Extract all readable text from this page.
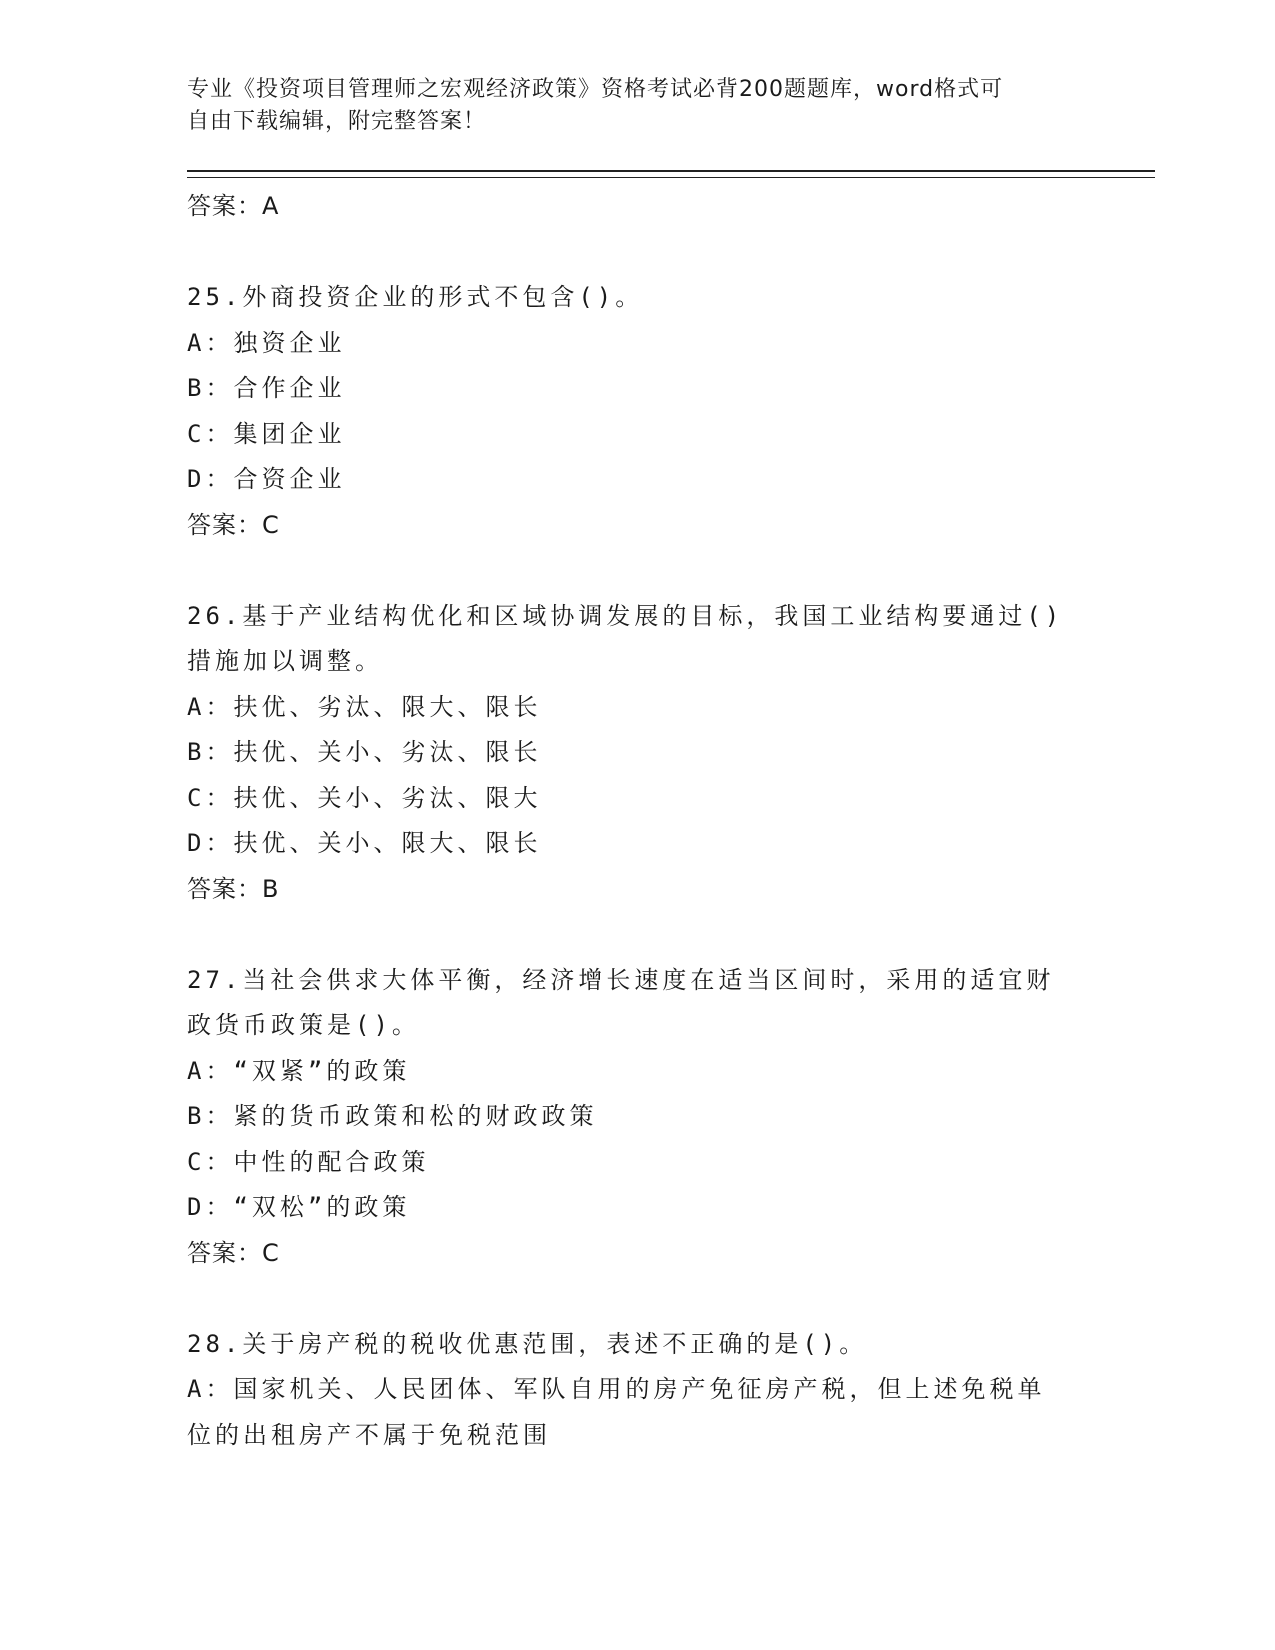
专业《投资项目管理师之宏观经济政策》资格考试必背200题题库，word格式可
自由下载编辑，附完整答案！
答案：A
25.外商投资企业的形式不包含()。
A：独资企业
B：合作企业
C：集团企业
D：合资企业
答案：C
26.基于产业结构优化和区域协调发展的目标，我国工业结构要通过()
措施加以调整。
A：扶优、劣汰、限大、限长
B：扶优、关小、劣汰、限长
C：扶优、关小、劣汰、限大
D：扶优、关小、限大、限长
答案：B
27.当社会供求大体平衡，经济增长速度在适当区间时，采用的适宜财
政货币政策是()。
A：“双紧”的政策
B：紧的货币政策和松的财政政策
C：中性的配合政策
D：“双松”的政策
答案：C
28.关于房产税的税收优惠范围，表述不正确的是()。
A：国家机关、人民团体、军队自用的房产免征房产税，但上述免税单
位的出租房产不属于免税范围
